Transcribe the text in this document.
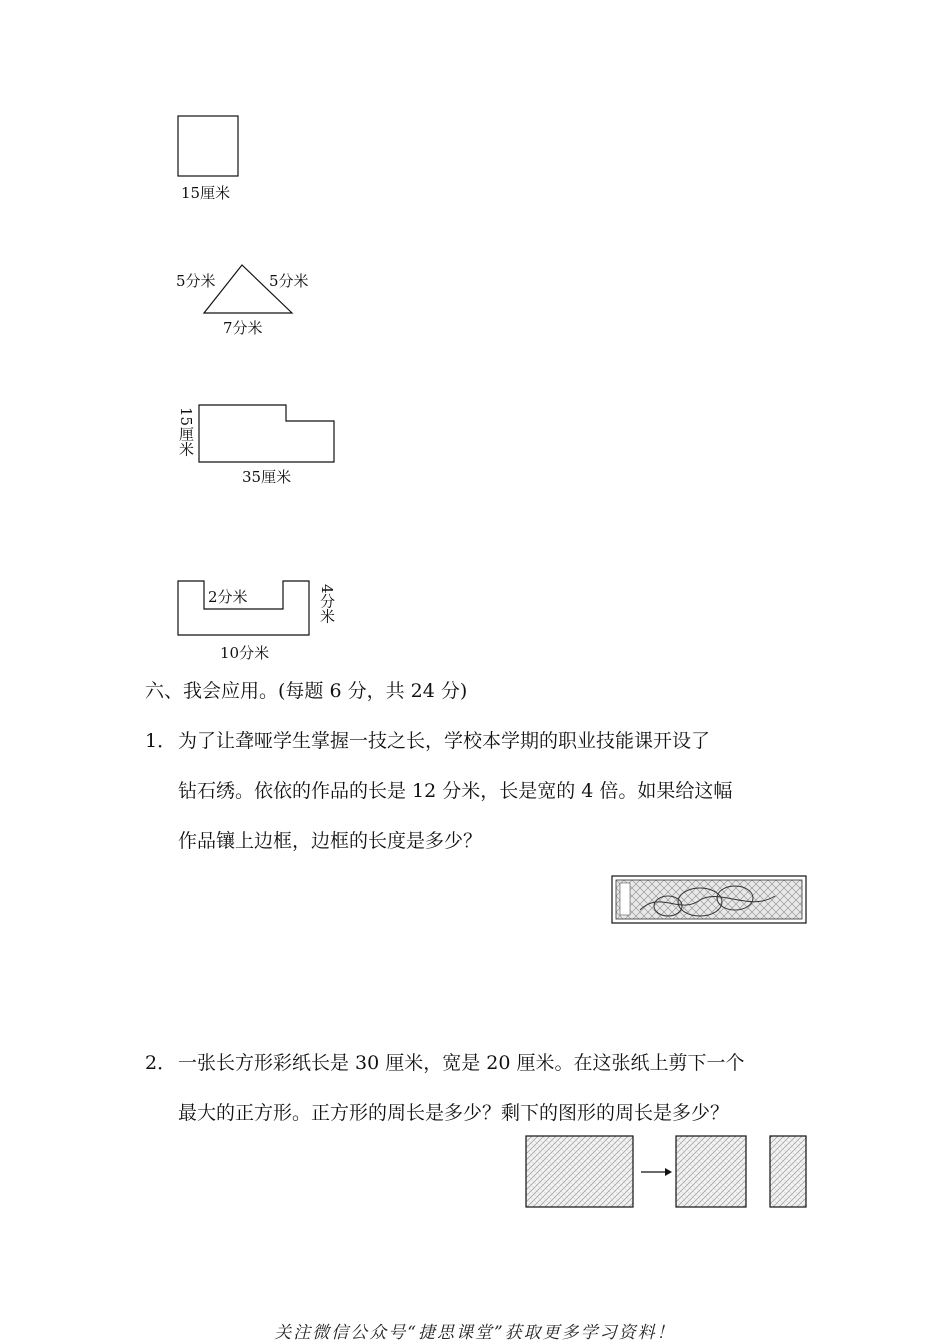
15厘米
5分米	5分米
7分米
15厘米
35厘米
2分米	4分米
10分米
六、我会应用。(每题 6 分，共 24 分)
1． 为了让聋哑学生掌握一技之长，学校本学期的职业技能课开设了
钻石绣。依依的作品的长是 12 分米，长是宽的 4 倍。如果给这幅
作品镶上边框，边框的长度是多少？
2． 一张长方形彩纸长是 30 厘米，宽是 20 厘米。在这张纸上剪下一个
最大的正方形。正方形的周长是多少？剩下的图形的周长是多少？
关注微信公众号“捷思课堂”获取更多学习资料！
